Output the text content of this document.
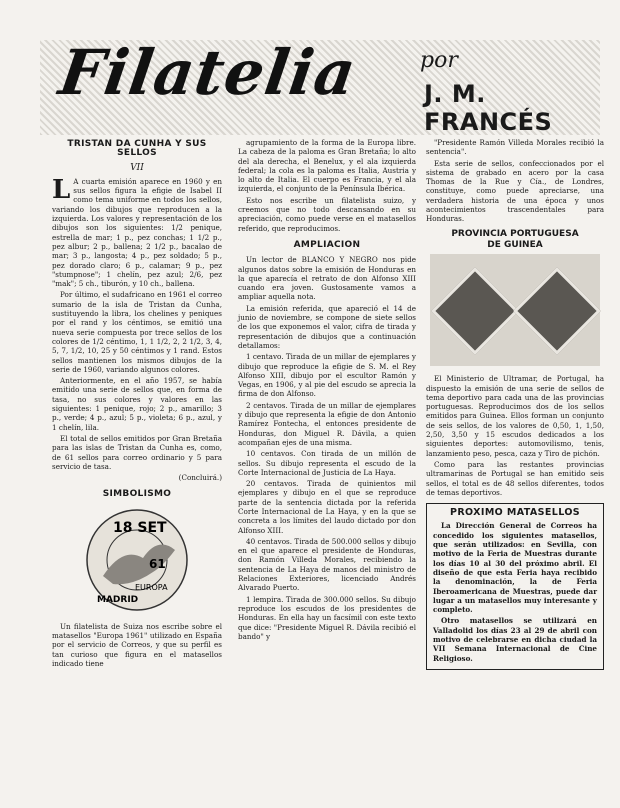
Filatelia	por
J. M. FRANCÉS
TRISTAN DA CUNHA Y SUS SELLOS
VII

L A cuarta emisión aparece en 1960 y en sus sellos figura la efigie de Isabel II como tema uniforme en todos los sellos, variando los dibujos que reproducen a la izquierda. Los valores y representación de los dibujos son los siguientes: 1/2 penique, estrella de mar; 1 p., pez conchas; 1 1/2 p., pez albur; 2 p., ballena; 2 1/2 p., bacalao de mar; 3 p., langosta; 4 p., pez soldado; 5 p., pez dorado claro; 6 p., calamar; 9 p., pez "stumpnose"; 1 chelín, pez azul; 2/6, pez "mak"; 5 ch., tiburón, y 10 ch., ballena.

Por último, el sudafricano en 1961 el correo sumario de la isla de Tristan da Cunha, sustituyendo la libra, los chelines y peniques por el rand y los céntimos, se emitió una nueva serie compuesta por trece sellos de los colores de 1/2 céntimo, 1, 1 1/2, 2, 2 1/2, 3, 4, 5, 7, 1/2, 10, 25 y 50 céntimos y 1 rand. Estos sellos mantienen los mismos dibujos de la serie de 1960, variando algunos colores.

Anteriormente, en el año 1957, se había emitido una serie de sellos que, en forma de tasa, no sus colores y valores en las siguientes: 1 penique, rojo; 2 p., amarillo; 3 p., verde; 4 p., azul; 5 p., violeta; 6 p., azul, y 1 chelín, lila.

El total de sellos emitidos por Gran Bretaña para las islas de Tristan da Cunha es, como, de 61 sellos para correo ordinario y 5 para servicio de tasa.

(Concluirá.)
SIMBOLISMO
18 SET
61
MADRID
EUROPA

Un filatelista de Suiza nos escribe sobre el matasellos "Europa 1961" utilizado en España por el servicio de Correos, y que su perfil es tan curioso que figura en el matasellos indicado tiene

agrupamiento de la forma de la Europa libre. La cabeza de la paloma es Gran Bretaña; lo alto del ala derecha, el Benelux, y el ala izquierda federal; la cola es la paloma es Italia, Austria y lo alto de Italia. El cuerpo es Francia, y el ala izquierda, el conjunto de la Península Ibérica.

Esto nos escribe un filatelista suizo, y creemos que no todo descansando en su apreciación, como puede verse en el matasellos referido, que reproducimos.

AMPLIACION

Un lector de BLANCO Y NEGRO nos pide algunos datos sobre la emisión de Honduras en la que aparecía el retrato de don Alfonso XIII cuando era joven. Gustosamente vamos a ampliar aquella nota.

La emisión referida, que apareció el 14 de junio de noviembre, se compone de siete sellos de los que exponemos el valor, cifra de tirada y representación de dibujos que a continuación detallamos:

1 centavo. Tirada de un millar de ejemplares y dibujo que reproduce la efigie de S. M. el Rey Alfonso XIII, dibujo por el escultor Ramón y Vegas, en 1906, y al pie del escudo se aprecia la firma de don Alfonso.

2 centavos. Tirada de un millar de ejemplares y dibujo que representa la efigie de don Antonio Ramírez Fontecha, el entonces presidente de Honduras, don Miguel R. Dávila, a quien acompañan ejes de una misma.

10 centavos. Con tirada de un millón de sellos. Su dibujo representa el escudo de la Corte Internacional de Justicia de La Haya.

20 centavos. Tirada de quinientos mil ejemplares y dibujo en el que se reproduce parte de la sentencia dictada por la referida Corte Internacional de La Haya, y en la que se concreta a los límites del laudo dictado por don Alfonso XIII.

40 centavos. Tirada de 500.000 sellos y dibujo en el que aparece el presidente de Honduras, don Ramón Villeda Morales, recibiendo la sentencia de La Haya de manos del ministro de Relaciones Exteriores, licenciado Andrés Alvarado Puerto.

1 lempira. Tirada de 300.000 sellos. Su dibujo reproduce los escudos de los presidentes de Honduras. En ella hay un facsímil con este texto que dice: "Presidente Miguel R. Dávila recibió el bando" y

"Presidente Ramón Villeda Morales recibió la sentencia".

Esta serie de sellos, confeccionados por el sistema de grabado en acero por la casa Thomas de la Rue y Cía., de Londres, constituye, como puede apreciarse, una verdadera historia de una época y unos acontecimientos trascendentales para Honduras.

PROVINCIA PORTUGUESA
DE GUINEA

El Ministerio de Ultramar, de Portugal, ha dispuesto la emisión de una serie de sellos de tema deportivo para cada una de las provincias portuguesas. Reproducimos dos de los sellos emitidos para Guinea. Ellos forman un conjunto de seis sellos, de los valores de 0,50, 1, 1,50, 2,50, 3,50 y 15 escudos dedicados a los siguientes deportes: automovilismo, tenis, lanzamiento peso, pesca, caza y Tiro de pichón.

Como para las restantes provincias ultramarinas de Portugal se han emitido seis sellos, el total es de 48 sellos diferentes, todos de temas deportivos.

PROXIMO MATASELLOS

La Dirección General de Correos ha concedido los siguientes matasellos, que serán utilizados: en Sevilla, con motivo de la Feria de Muestras durante los días 10 al 30 del próximo abril. El diseño de que esta Feria haya recibido la denominación, la de Feria Iberoamericana de Muestras, puede dar lugar a un matasellos muy interesante y completo.

Otro matasellos se utilizará en Valladolid los días 23 al 29 de abril con motivo de celebrarse en dicha ciudad la VII Semana Internacional de Cine Religioso.
